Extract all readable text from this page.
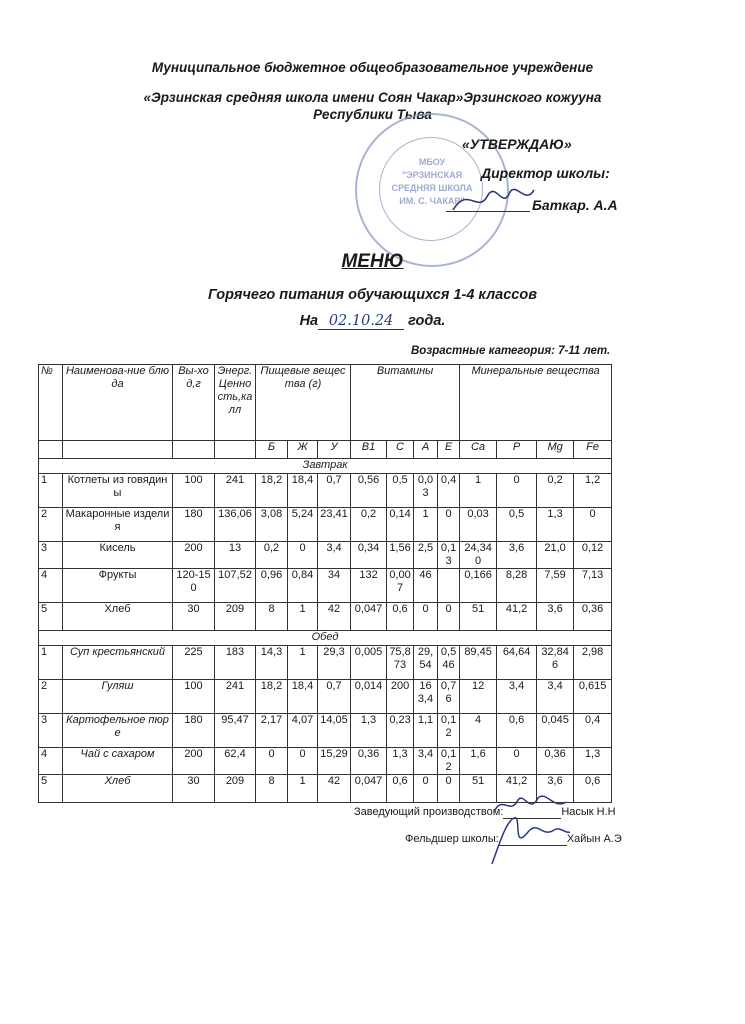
Муниципальное бюджетное общеобразовательное учреждение
«Эрзинская средняя школа имени Соян Чакар»Эрзинского кожууна
Республики Тыва
МБОУ
"ЭРЗИНСКАЯ
СРЕДНЯЯ ШКОЛА
ИМ. С. ЧАКАР"
«УТВЕРЖДАЮ»
Директор школы:
Баткар. А.А
МЕНЮ
Горячего питания обучающихся 1-4 классов
На 02.10.24 года.
Возрастные категория: 7-11 лет.
№	Наименова-ние блюда	Вы-ход,г	Энерг. Ценность,калл	Пищевые вещества (г)			Витамины				Минеральные вещества			
				Б	Ж	У	В1	С	А	Е	Ca	P	Mg	Fe
Завтрак														
1	Котлеты из говядины	100	241	18,2	18,4	0,7	0,56	0,5	0,03	0,4	1	0	0,2	1,2
2	Макаронные изделия	180	136,06	3,08	5,24	23,41	0,2	0,14	1	0	0,03	0,5	1,3	0
3	Кисель	200	13	0,2	0	3,4	0,34	1,56	2,5	0,13	24,340	3,6	21,0	0,12
4	Фрукты	120-150	107,52	0,96	0,84	34	132	0,007	46		0,166	8,28	7,59	7,13
5	Хлеб	30	209	8	1	42	0,047	0,6	0	0	51	41,2	3,6	0,36
Обед														
1	Суп крестьянский	225	183	14,3	1	29,3	0,005	75,873	29,54	0,546	89,45	64,64	32,846	2,98
2	Гуляш	100	241	18,2	18,4	0,7	0,014	200	163,4	0,76	12	3,4	3,4	0,615
3	Картофельное пюре	180	95,47	2,17	4,07	14,05	1,3	0,23	1,1	0,12	4	0,6	0,045	0,4
4	Чай с сахаром	200	62,4	0	0	15,29	0,36	1,3	3,4	0,12	1,6	0	0,36	1,3
5	Хлеб	30	209	8	1	42	0,047	0,6	0	0	51	41,2	3,6	0,6
Заведующий производством:	Насык Н.Н
Фельдшер школы:	Хайын А.Э
